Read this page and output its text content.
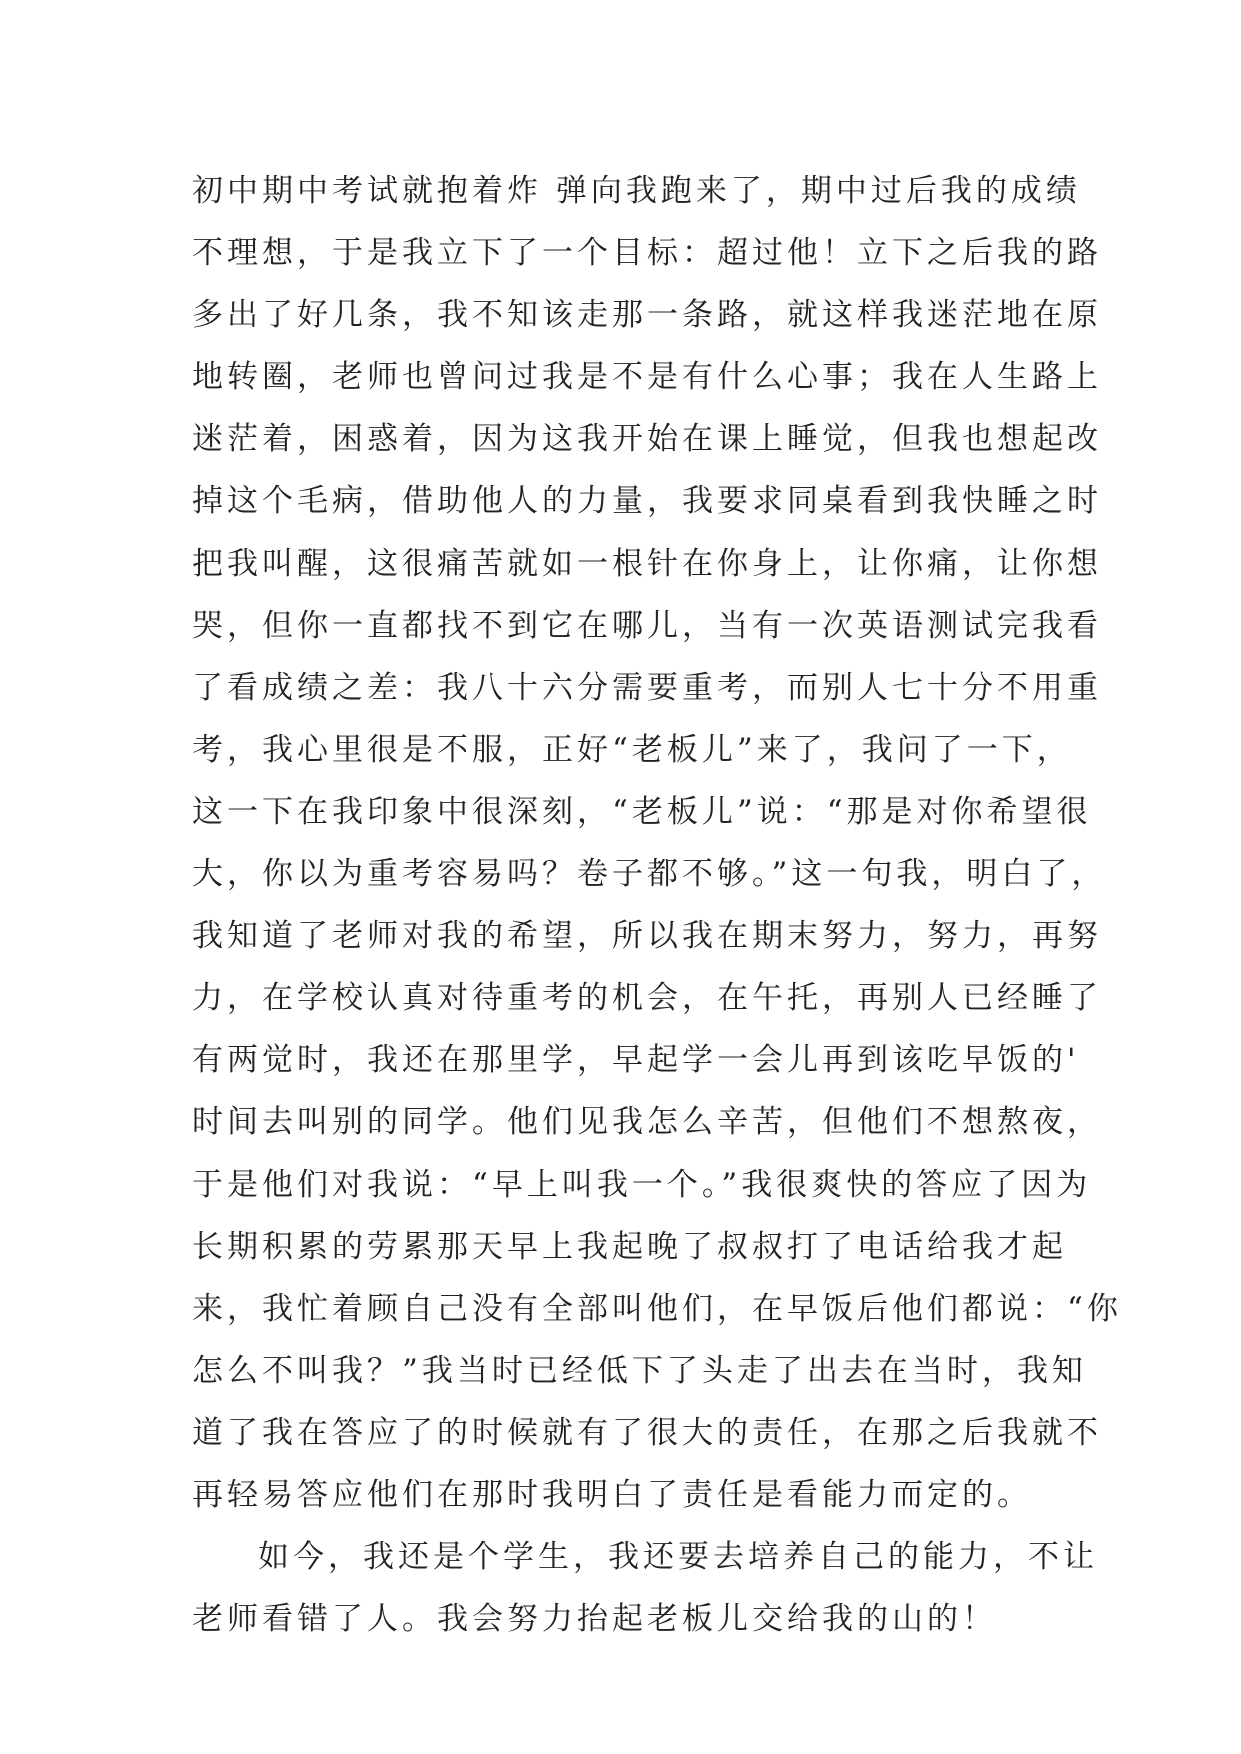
初中期中考试就抱着炸 弹向我跑来了，期中过后我的成绩
不理想，于是我立下了一个目标：超过他！立下之后我的路
多出了好几条，我不知该走那一条路，就这样我迷茫地在原
地转圈，老师也曾问过我是不是有什么心事；我在人生路上
迷茫着，困惑着，因为这我开始在课上睡觉，但我也想起改
掉这个毛病，借助他人的力量，我要求同桌看到我快睡之时
把我叫醒，这很痛苦就如一根针在你身上，让你痛，让你想
哭，但你一直都找不到它在哪儿，当有一次英语测试完我看
了看成绩之差：我八十六分需要重考，而别人七十分不用重
考，我心里很是不服，正好“老板儿”来了，我问了一下，
这一下在我印象中很深刻，“老板儿”说：“那是对你希望很
大，你以为重考容易吗？卷子都不够。”这一句我，明白了，
我知道了老师对我的希望，所以我在期末努力，努力，再努
力，在学校认真对待重考的机会，在午托，再别人已经睡了
有两觉时，我还在那里学，早起学一会儿再到该吃早饭的'
时间去叫别的同学。他们见我怎么辛苦，但他们不想熬夜，
于是他们对我说：“早上叫我一个。”我很爽快的答应了因为
长期积累的劳累那天早上我起晚了叔叔打了电话给我才起
来，我忙着顾自己没有全部叫他们，在早饭后他们都说：“你
怎么不叫我？”我当时已经低下了头走了出去在当时，我知
道了我在答应了的时候就有了很大的责任，在那之后我就不
再轻易答应他们在那时我明白了责任是看能力而定的。
如今，我还是个学生，我还要去培养自己的能力，不让
老师看错了人。我会努力抬起老板儿交给我的山的！
